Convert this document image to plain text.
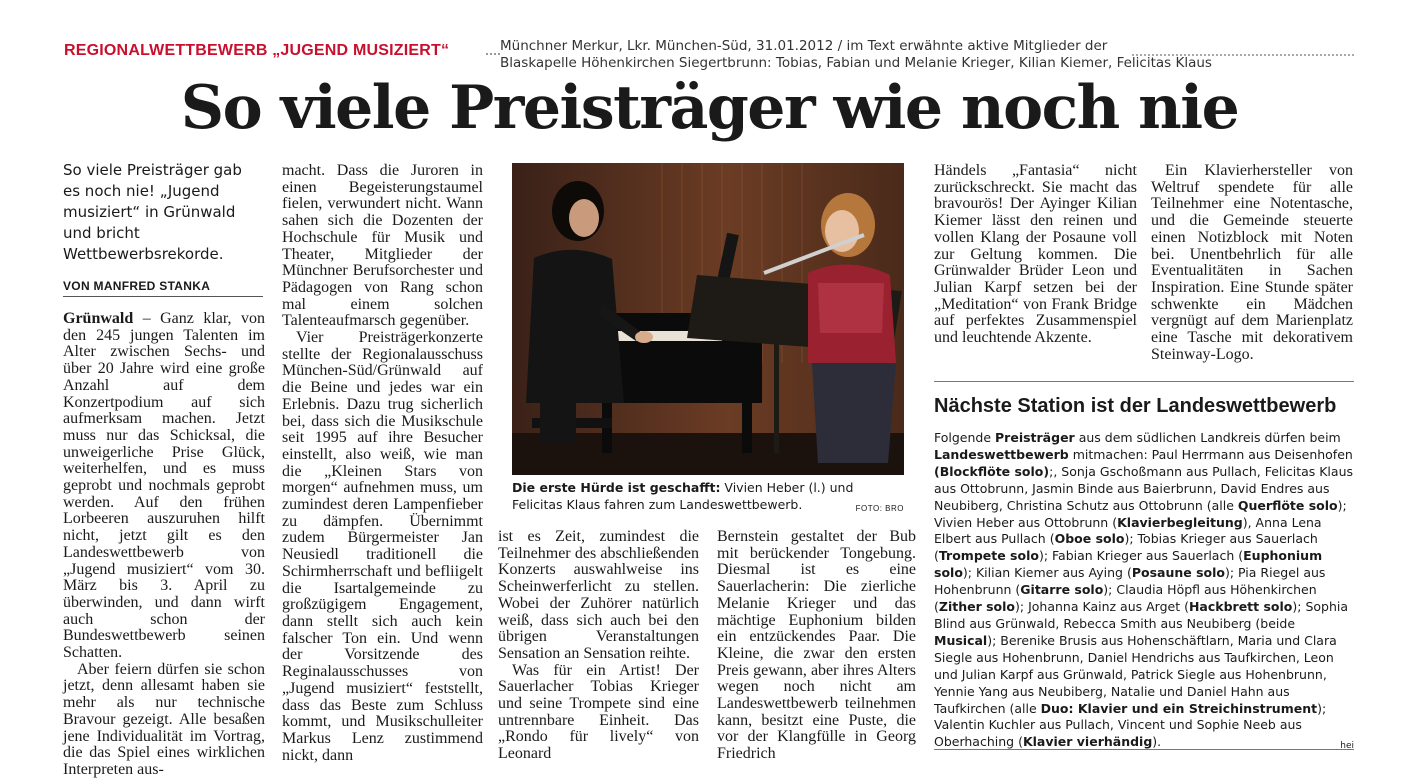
REGIONALWETTBEWERB „JUGEND MUSIZIERT“	Münchner Merkur, Lkr. München-Süd, 31.01.2012 / im Text erwähnte aktive Mitglieder der
Blaskapelle Höhenkirchen Siegertbrunn: Tobias, Fabian und Melanie Krieger, Kilian Kiemer, Felicitas Klaus
So viele Preisträger wie noch nie
So viele Preisträger gab es noch nie! „Jugend musiziert“ in Grünwald und bricht Wettbewerbsrekorde.
VON MANFRED STANKA

Grünwald – Ganz klar, von den 245 jungen Talenten im Alter zwischen Sechs- und über 20 Jahre wird eine große Anzahl auf dem Konzertpodium auf sich aufmerksam machen. Jetzt muss nur das Schicksal, die unweigerliche Prise Glück, weiterhelfen, und es muss geprobt und nochmals geprobt werden. Auf den frühen Lorbeeren auszuruhen hilft nicht, jetzt gilt es den Landeswettbewerb von „Jugend musiziert“ vom 30. März bis 3. April zu überwinden, und dann wirft auch schon der Bundeswettbewerb seinen Schatten.

Aber feiern dürfen sie schon jetzt, denn allesamt haben sie mehr als nur technische Bravour gezeigt. Alle besaßen jene Individualität im Vortrag, die das Spiel eines wirklichen Interpreten aus-

macht. Dass die Juroren in einen Begeisterungstaumel fielen, verwundert nicht. Wann sahen sich die Dozenten der Hochschule für Musik und Theater, Mitglieder der Münchner Berufsorchester und Pädagogen von Rang schon mal einem solchen Talenteaufmarsch gegenüber.

Vier Preisträgerkonzerte stellte der Regionalausschuss München-Süd/Grünwald auf die Beine und jedes war ein Erlebnis. Dazu trug sicherlich bei, dass sich die Musikschule seit 1995 auf ihre Besucher einstellt, also weiß, wie man die „Kleinen Stars von morgen“ aufnehmen muss, um zumindest deren Lampenfieber zu dämpfen. Übernimmt zudem Bürgermeister Jan Neusiedl traditionell die Schirmherrschaft und befliigelt die Isartalgemeinde zu großzügigem Engagement, dann stellt sich auch kein falscher Ton ein. Und wenn der Vorsitzende des Reginalausschusses von „Jugend musiziert“ feststellt, dass das Beste zum Schluss kommt, und Musikschulleiter Markus Lenz zustimmend nickt, dann

Die erste Hürde ist geschafft: Vivien Heber (l.) und Felicitas Klaus fahren zum Landeswettbewerb.	FOTO: BRO

ist es Zeit, zumindest die Teilnehmer des abschließenden Konzerts auswahlweise ins Scheinwerferlicht zu stellen. Wobei der Zuhörer natürlich weiß, dass sich auch bei den übrigen Veranstaltungen Sensation an Sensation reihte.

Was für ein Artist! Der Sauerlacher Tobias Krieger und seine Trompete sind eine untrennbare Einheit. Das „Rondo für lively“ von Leonard

Bernstein gestaltet der Bub mit berückender Tongebung. Diesmal ist es eine Sauerlacherin: Die zierliche Melanie Krieger und das mächtige Euphonium bilden ein entzückendes Paar. Die Kleine, die zwar den ersten Preis gewann, aber ihres Alters wegen noch nicht am Landeswettbewerb teilnehmen kann, besitzt eine Puste, die vor der Klangfülle in Georg Friedrich

Händels „Fantasia“ nicht zurückschreckt. Sie macht das bravourös! Der Ayinger Kilian Kiemer lässt den reinen und vollen Klang der Posaune voll zur Geltung kommen. Die Grünwalder Brüder Leon und Julian Karpf setzen bei der „Meditation“ von Frank Bridge auf perfektes Zusammenspiel und leuchtende Akzente.

Ein Klavierhersteller von Weltruf spendete für alle Teilnehmer eine Notentasche, und die Gemeinde steuerte einen Notizblock mit Noten bei. Unentbehrlich für alle Eventualitäten in Sachen Inspiration. Eine Stunde später schwenkte ein Mädchen vergnügt auf dem Marienplatz eine Tasche mit dekorativem Steinway-Logo.

Nächste Station ist der Landeswettbewerb
Folgende Preisträger aus dem südlichen Landkreis dürfen beim Landeswettbewerb mitmachen: Paul Herrmann aus Deisenhofen (Blockflöte solo);, Sonja Gschoßmann aus Pullach, Felicitas Klaus aus Ottobrunn, Jasmin Binde aus Baierbrunn, David Endres aus Neubiberg, Christina Schutz aus Ottobrunn (alle Querflöte solo); Vivien Heber aus Ottobrunn (Klavierbegleitung), Anna Lena Elbert aus Pullach (Oboe solo); Tobias Krieger aus Sauerlach (Trompete solo); Fabian Krieger aus Sauerlach (Euphonium solo); Kilian Kiemer aus Aying (Posaune solo); Pia Riegel aus Hohenbrunn (Gitarre solo); Claudia Höpfl aus Höhenkirchen (Zither solo); Johanna Kainz aus Arget (Hackbrett solo); Sophia Blind aus Grünwald, Rebecca Smith aus Neubiberg (beide Musical); Berenike Brusis aus Hohenschäftlarn, Maria und Clara Siegle aus Hohenbrunn, Daniel Hendrichs aus Taufkirchen, Leon und Julian Karpf aus Grünwald, Patrick Siegle aus Hohenbrunn, Yennie Yang aus Neubiberg, Natalie und Daniel Hahn aus Taufkirchen (alle Duo: Klavier und ein Streichinstrument); Valentin Kuchler aus Pullach, Vincent und Sophie Neeb aus Oberhaching (Klavier vierhändig).	hei
